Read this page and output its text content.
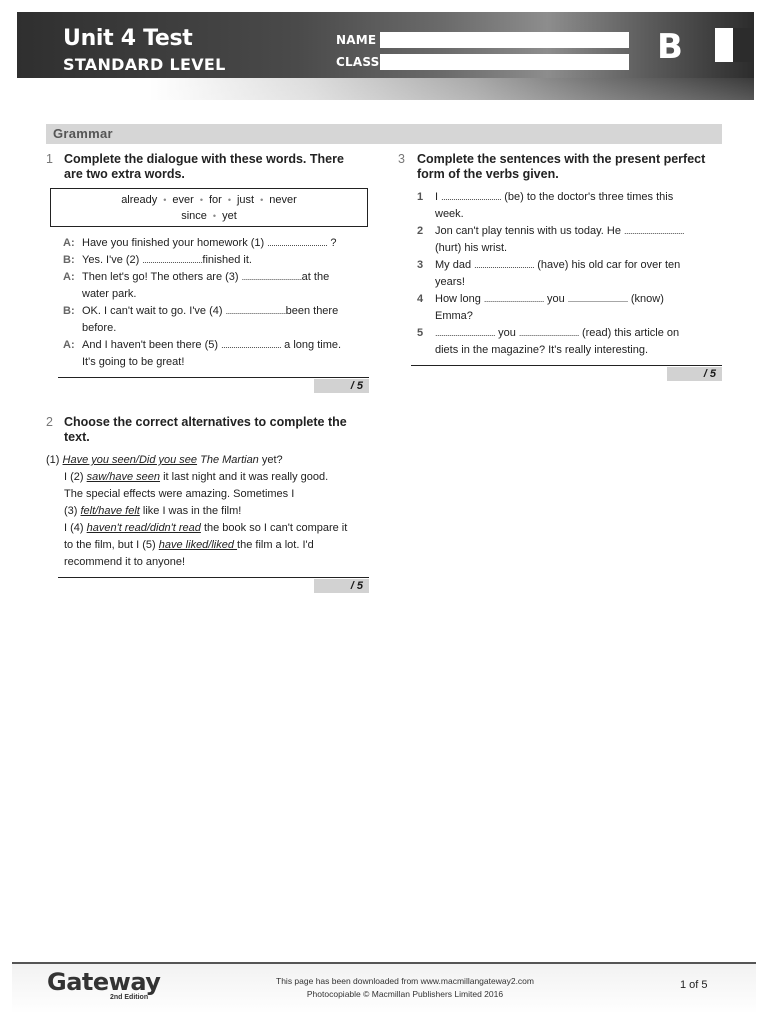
Unit 4 Test
STANDARD LEVEL
NAME
CLASS	B
Grammar
1 Complete the dialogue with these words. There
are two extra words.
already • ever • for • just • never
since • yet
A: Have you finished your homework (1) .............................. ?
B: Yes. I've (2) ..............................finished it.
A: Then let's go! The others are (3) ..............................at the
water park.
B: OK. I can't wait to go. I've (4) ..............................been there
before.
A: And I haven't been there (5) .............................. a long time.
It's going to be great!
/ 5
2 Choose the correct alternatives to complete the
text.
(1) Have you seen/Did you see The Martian yet?
I (2) saw/have seen it last night and it was really good.
The special effects were amazing. Sometimes I
(3) felt/have felt like I was in the film!
I (4) haven't read/didn't read the book so I can't compare it
to the film, but I (5) have liked/liked the film a lot. I'd
recommend it to anyone!
/ 5
3 Complete the sentences with the present perfect
form of the verbs given.
1 I .............................. (be) to the doctor's three times this
week.
2 Jon can't play tennis with us today. He ..............................
(hurt) his wrist.
3 My dad .............................. (have) his old car for over ten
years!
4 How long .............................. you .............................. (know)
Emma?
5 .............................. you .............................. (read) this article on
diets in the magazine? It's really interesting.
/ 5
Gateway
2nd Edition
This page has been downloaded from www.macmillangateway2.com
Photocopiable © Macmillan Publishers Limited 2016
1 of 5
